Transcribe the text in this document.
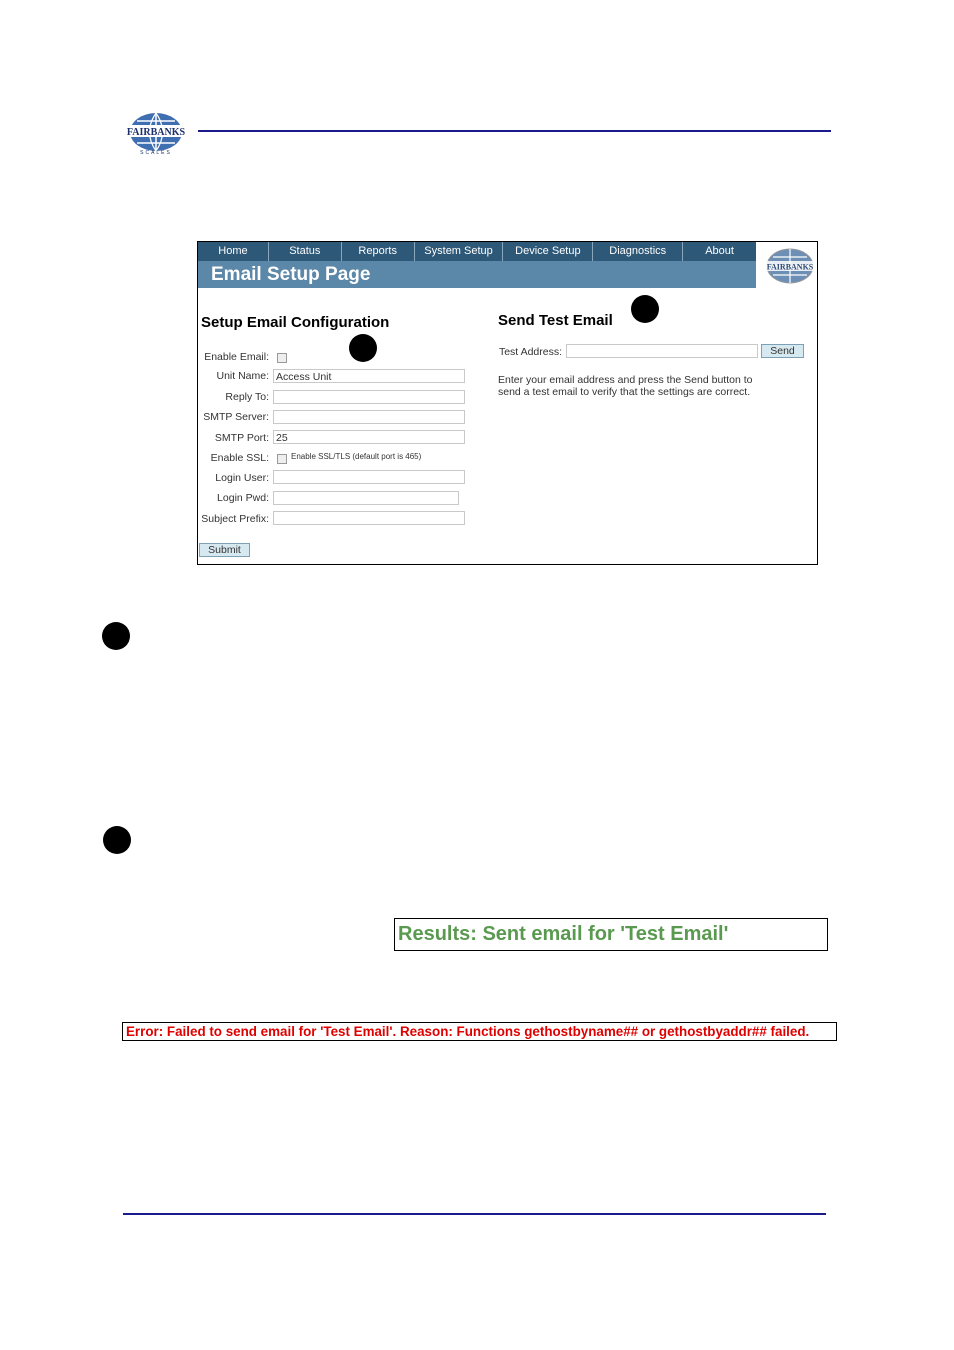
FAIRBANKS
SCALES
Home	Status	Reports	System Setup	Device Setup	Diagnostics	About
Email Setup Page	FAIRBANKS
Setup Email Configuration
Enable Email:
Unit Name: Access Unit
Reply To:
SMTP Server:
SMTP Port: 25
Enable SSL:	Enable SSL/TLS (default port is 465)
Login User:
Login Pwd:
Subject Prefix:
Submit
Send Test Email
Test Address:	Send
Enter your email address and press the Send button to send a test email to verify that the settings are correct.
Results: Sent email for 'Test Email'
Error: Failed to send email for 'Test Email'. Reason: Functions gethostbyname## or gethostbyaddr## failed.
